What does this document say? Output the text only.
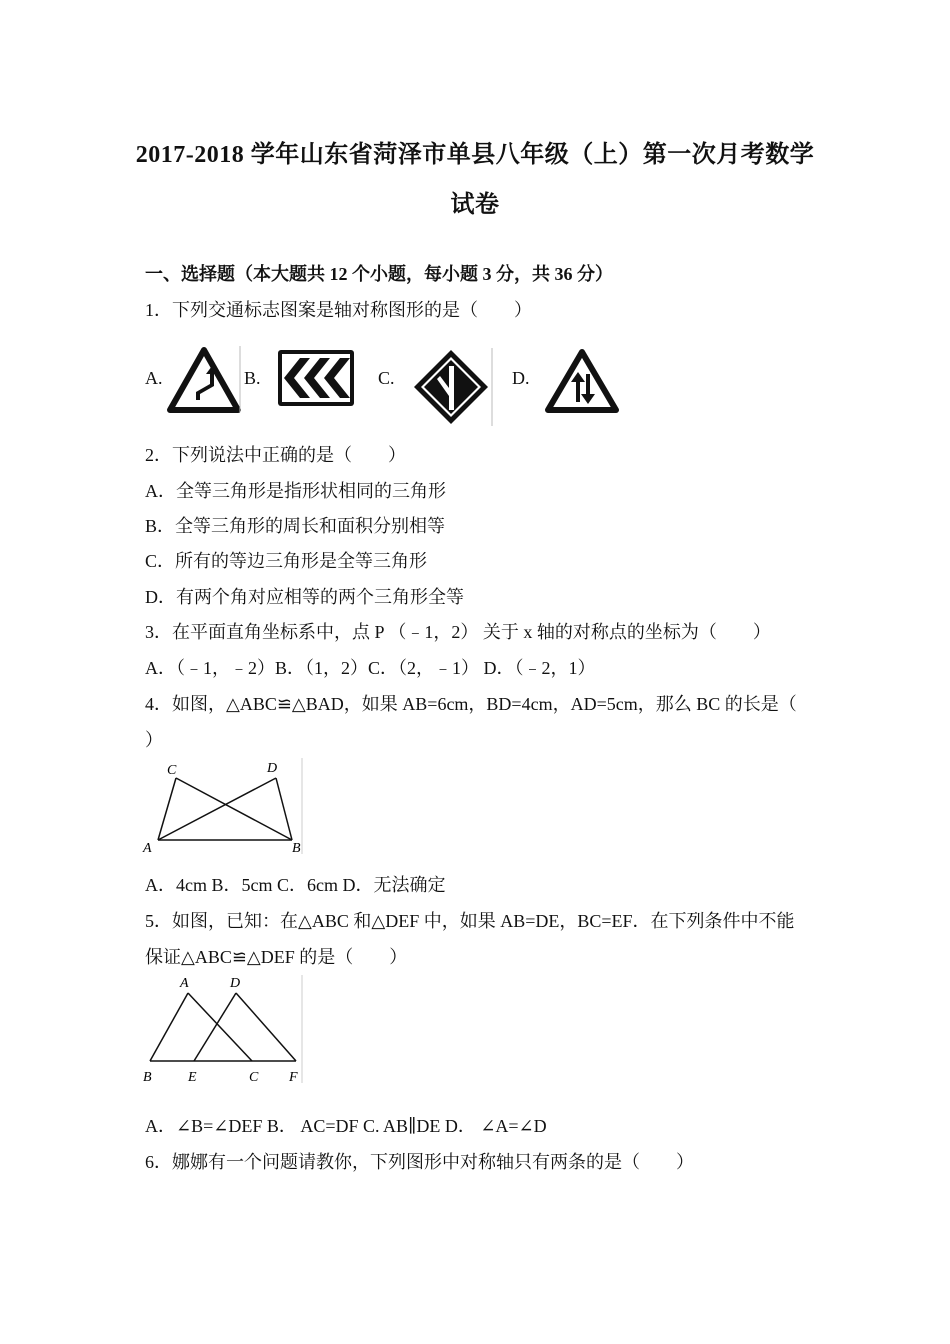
2017-2018 学年山东省菏泽市单县八年级（上）第一次月考数学
试卷
一、选择题（本大题共 12 个小题，每小题 3 分，共 36 分）
1．下列交通标志图案是轴对称图形的是（　　）
A.	B.	C.	D.
2．下列说法中正确的是（　　）
A．全等三角形是指形状相同的三角形
B．全等三角形的周长和面积分别相等
C．所有的等边三角形是全等三角形
D．有两个角对应相等的两个三角形全等
3．在平面直角坐标系中，点 P （﹣1，2） 关于 x 轴的对称点的坐标为（　　）
A．（﹣1，﹣2）B．（1，2）C．（2，﹣1） D．（﹣2，1）
4．如图，△ABC≌△BAD，如果 AB=6cm，BD=4cm，AD=5cm，那么 BC 的长是（
）
C	D
A	B
A．4cm B．5cm C．6cm D．无法确定
5．如图，已知：在△ABC 和△DEF 中，如果 AB=DE，BC=EF．在下列条件中不能
保证△ABC≌△DEF 的是（　　）
A	D
B	E	C F
A．∠B=∠DEF B． AC=DF C. AB∥DE D． ∠A=∠D
6．娜娜有一个问题请教你，下列图形中对称轴只有两条的是（　　）
